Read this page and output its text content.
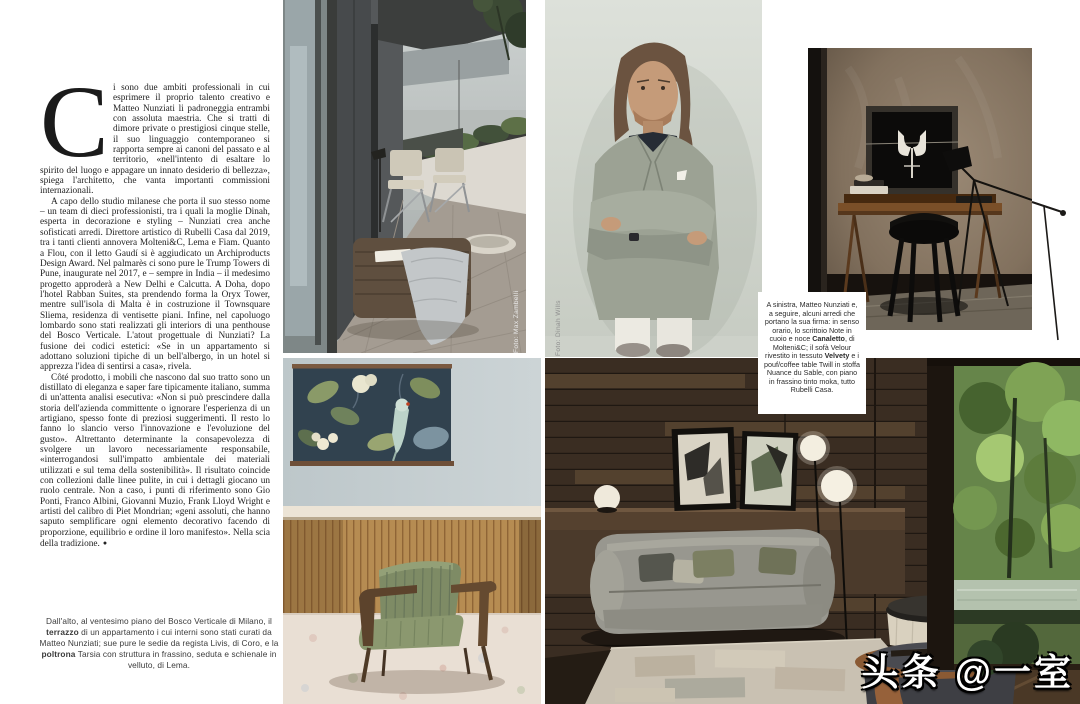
Ci sono due ambiti professionali in cui esprimere il proprio talento creativo e Matteo Nunziati li padroneggia entrambi con assoluta maestria. Che si tratti di dimore private o prestigiosi cinque stelle, il suo linguaggio contemporaneo si rapporta sempre ai canoni del passato e al territorio, «nell'intento di esaltare lo spirito del luogo e appagare un innato desiderio di bellezza», spiega l'architetto, che vanta importanti commissioni internazionali.

A capo dello studio milanese che porta il suo stesso nome – un team di dieci professionisti, tra i quali la moglie Dinah, esperta in decorazione e styling – Nunziati crea anche sofisticati arredi. Direttore artistico di Rubelli Casa dal 2019, tra i tanti clienti annovera Molteni&C, Lema e Fiam. Quanto a Flou, con il letto Gaudí si è aggiudicato un Archiproducts Design Award. Nel palmarès ci sono pure le Trump Towers di Pune, inaugurate nel 2017, e – sempre in India – il medesimo progetto approderà a New Delhi e Calcutta. A Doha, dopo l'hotel Rabban Suites, sta prendendo forma la Oryx Tower, mentre sull'isola di Malta è in costruzione il Townsquare Sliema, residenza di ventisette piani. Infine, nel capoluogo lombardo sono stati realizzati gli interiors di una penthouse del Bosco Verticale. L'atout progettuale di Nunziati? La fusione dei codici estetici: «Se in un appartamento si adottano soluzioni tipiche di un bell'albergo, in un hotel si apprezza l'idea di sentirsi a casa», rivela.

Côté prodotto, i mobili che nascono dal suo tratto sono un distillato di eleganza e saper fare tipicamente italiano, summa di un'attenta analisi esecutiva: «Non si può prescindere dalla storia dell'azienda committente o ignorare l'esperienza di un artigiano, spesso fonte di preziosi suggerimenti. Il resto lo fanno lo slancio verso l'innovazione e l'evoluzione del gusto». Altrettanto determinante la consapevolezza di svolgere un lavoro necessariamente responsabile, «interrogandosi sull'impatto ambientale dei materiali utilizzati e sul tema della sostenibilità». Il risultato coincide con collezioni dalle linee pulite, in cui i dettagli giocano un ruolo centrale. Non a caso, i punti di riferimento sono Gio Ponti, Franco Albini, Giovanni Muzio, Frank Lloyd Wright e artisti del calibro di Piet Mondrian; «geni assoluti, che hanno saputo semplificare ogni elemento decorativo facendo di proporzione, equilibrio e ordine il loro manifesto». Nella scia della tradizione. ●

A sinistra, Matteo Nunziati e, a seguire, alcuni arredi che portano la sua firma: in senso orario, lo scrittoio Note in cuoio e noce Canaletto, di Molteni&C; il sofà Velour rivestito in tessuto Velvety e i pouf/coffee table Twill in stoffa Nuance du Sable, con piano in frassino tinto moka, tutto Rubelli Casa.
Dall'alto, al ventesimo piano del Bosco Verticale di Milano, il terrazzo di un appartamento i cui interni sono stati curati da Matteo Nunziati; sue pure le sedie da regista Livis, di Coro, e la poltrona Tarsia con struttura in frassino, seduta e schienale in velluto, di Lema.
Foto: Max Zambelli	Foto: Dinah Wills
头条 @一室
